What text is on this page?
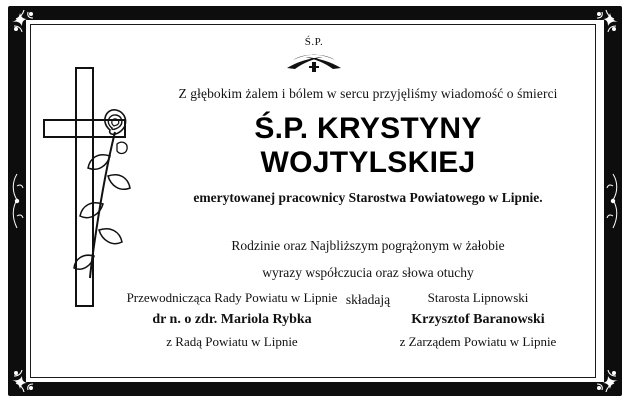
Ś.P.
Z głębokim żalem i bólem w sercu przyjęliśmy wiadomość o śmierci
Ś.P. KRYSTYNY WOJTYLSKIEJ
emerytowanej pracownicy Starostwa Powiatowego w Lipnie.
Rodzinie oraz Najbliższym pogrążonym w żałobie
wyrazy współczucia oraz słowa otuchy
składają
Przewodnicząca Rady Powiatu w Lipnie
dr n. o zdr. Mariola Rybka
z Radą Powiatu w Lipnie
Starosta Lipnowski
Krzysztof Baranowski
z Zarządem Powiatu w Lipnie
